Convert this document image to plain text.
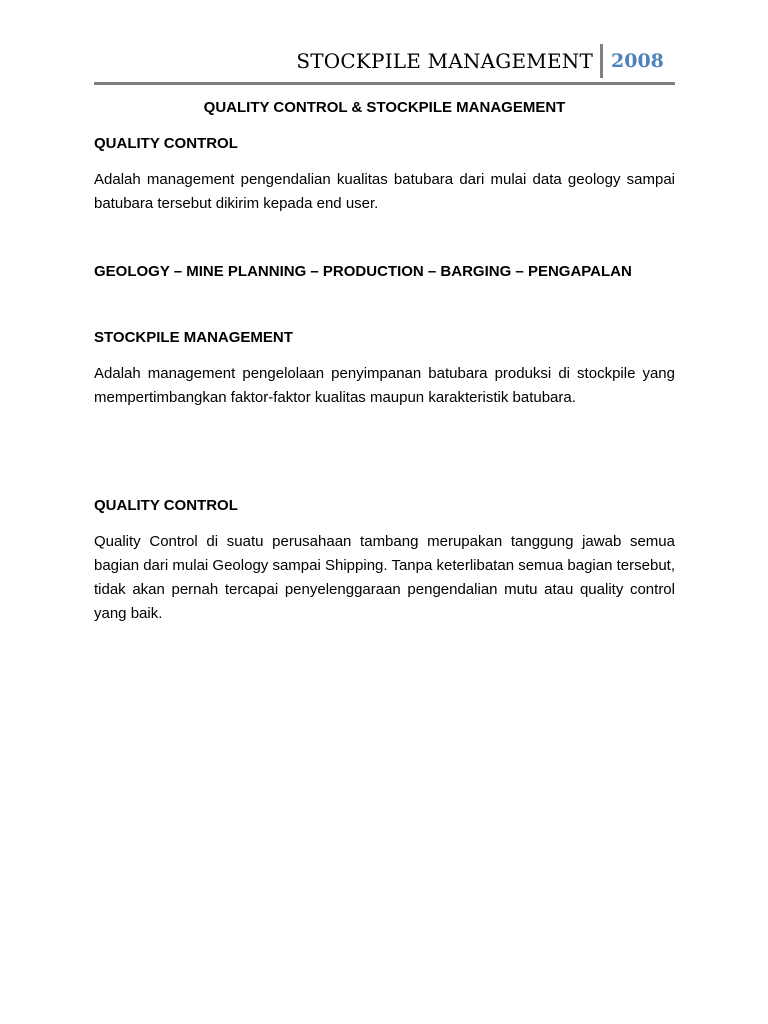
STOCKPILE MANAGEMENT 2008

QUALITY CONTROL & STOCKPILE MANAGEMENT

QUALITY CONTROL

Adalah management pengendalian kualitas batubara dari mulai data geology sampai batubara tersebut dikirim kepada end user.

GEOLOGY – MINE PLANNING – PRODUCTION – BARGING – PENGAPALAN

STOCKPILE MANAGEMENT

Adalah management pengelolaan penyimpanan batubara produksi di stockpile yang mempertimbangkan faktor-faktor kualitas maupun karakteristik batubara.

QUALITY CONTROL

Quality Control di suatu perusahaan tambang merupakan tanggung jawab semua bagian dari mulai Geology sampai Shipping. Tanpa keterlibatan semua bagian tersebut, tidak akan pernah tercapai penyelenggaraan pengendalian mutu atau quality control yang baik.
